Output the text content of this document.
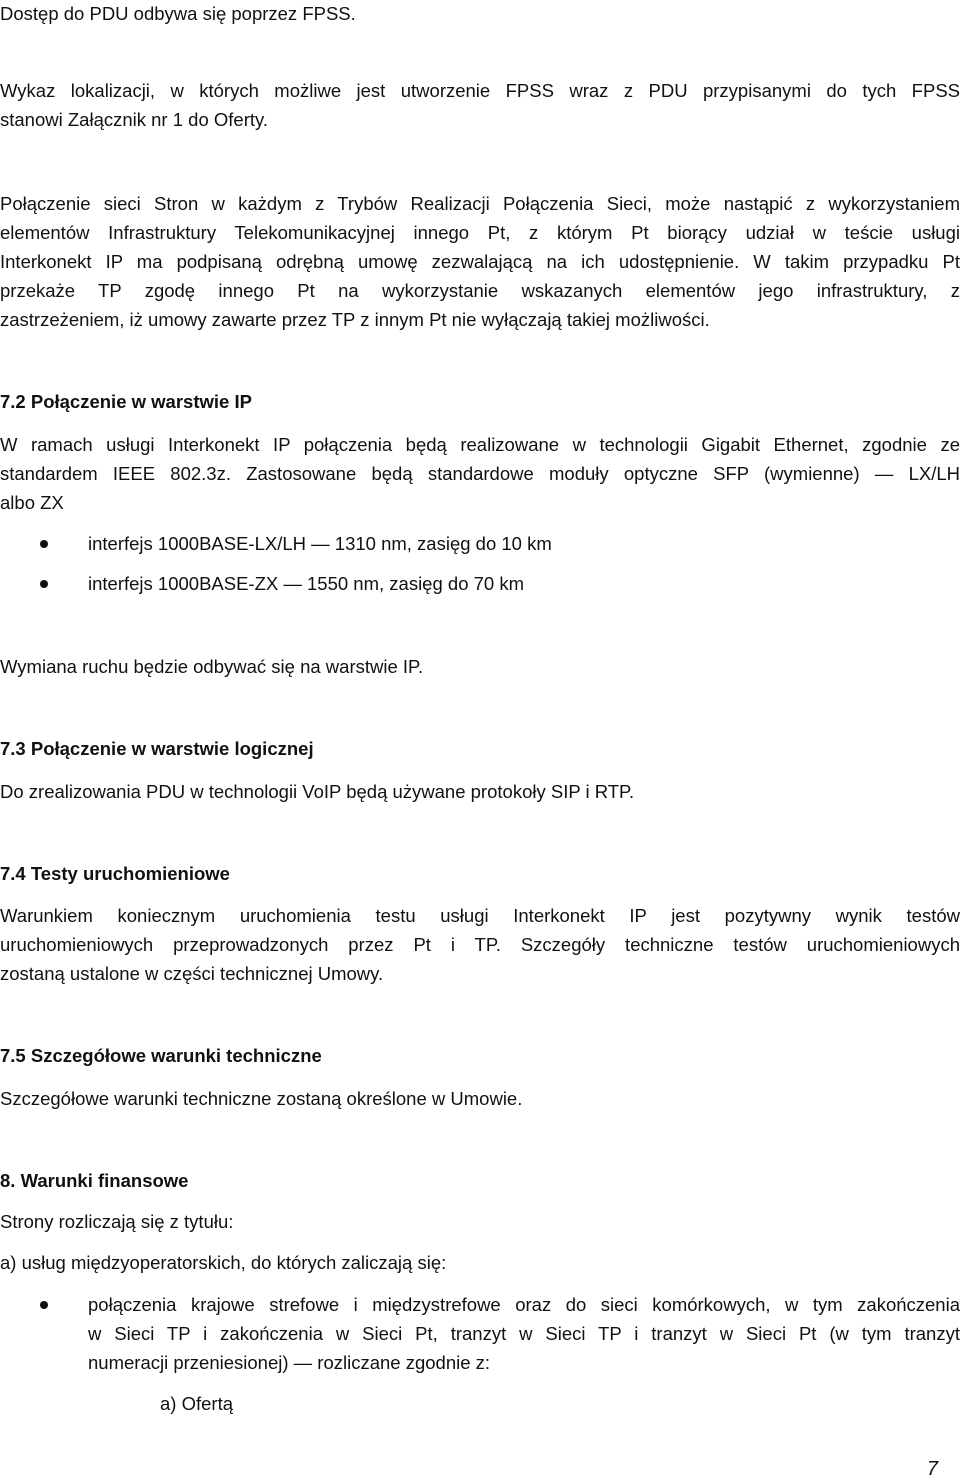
Dostęp do PDU odbywa się poprzez FPSS.
Wykaz lokalizacji, w których możliwe jest utworzenie FPSS wraz z PDU przypisanymi do tych FPSS
stanowi Załącznik nr 1 do Oferty.
Połączenie sieci Stron w każdym z Trybów Realizacji Połączenia Sieci, może nastąpić z wykorzystaniem
elementów Infrastruktury Telekomunikacyjnej innego Pt, z którym Pt biorący udział w teście usługi
Interkonekt IP ma podpisaną odrębną umowę zezwalającą na ich udostępnienie. W takim przypadku Pt
przekaże TP zgodę innego Pt na wykorzystanie wskazanych elementów jego infrastruktury, z
zastrzeżeniem, iż umowy zawarte przez TP z innym Pt nie wyłączają takiej możliwości.
7.2 Połączenie w warstwie IP
W ramach usługi Interkonekt IP połączenia będą realizowane w technologii Gigabit Ethernet, zgodnie ze
standardem IEEE 802.3z. Zastosowane będą standardowe moduły optyczne SFP (wymienne) — LX/LH
albo ZX
interfejs 1000BASE-LX/LH — 1310 nm, zasięg do 10 km
interfejs 1000BASE-ZX — 1550 nm, zasięg do 70 km
Wymiana ruchu będzie odbywać się na warstwie IP.
7.3 Połączenie w warstwie logicznej
Do zrealizowania PDU w technologii VoIP będą używane protokoły SIP i RTP.
7.4 Testy uruchomieniowe
Warunkiem koniecznym uruchomienia testu usługi Interkonekt IP jest pozytywny wynik testów
uruchomieniowych przeprowadzonych przez Pt i TP. Szczegóły techniczne testów uruchomieniowych
zostaną ustalone w części technicznej Umowy.
7.5 Szczegółowe warunki techniczne
Szczegółowe warunki techniczne zostaną określone w Umowie.
8. Warunki finansowe
Strony rozliczają się z tytułu:
a) usług międzyoperatorskich, do których zaliczają się:
połączenia krajowe strefowe i międzystrefowe oraz do sieci komórkowych, w tym zakończenia
w Sieci TP i zakończenia w Sieci Pt, tranzyt w Sieci TP i tranzyt w Sieci Pt (w tym tranzyt
numeracji przeniesionej) — rozliczane zgodnie z:
a) Ofertą
7
